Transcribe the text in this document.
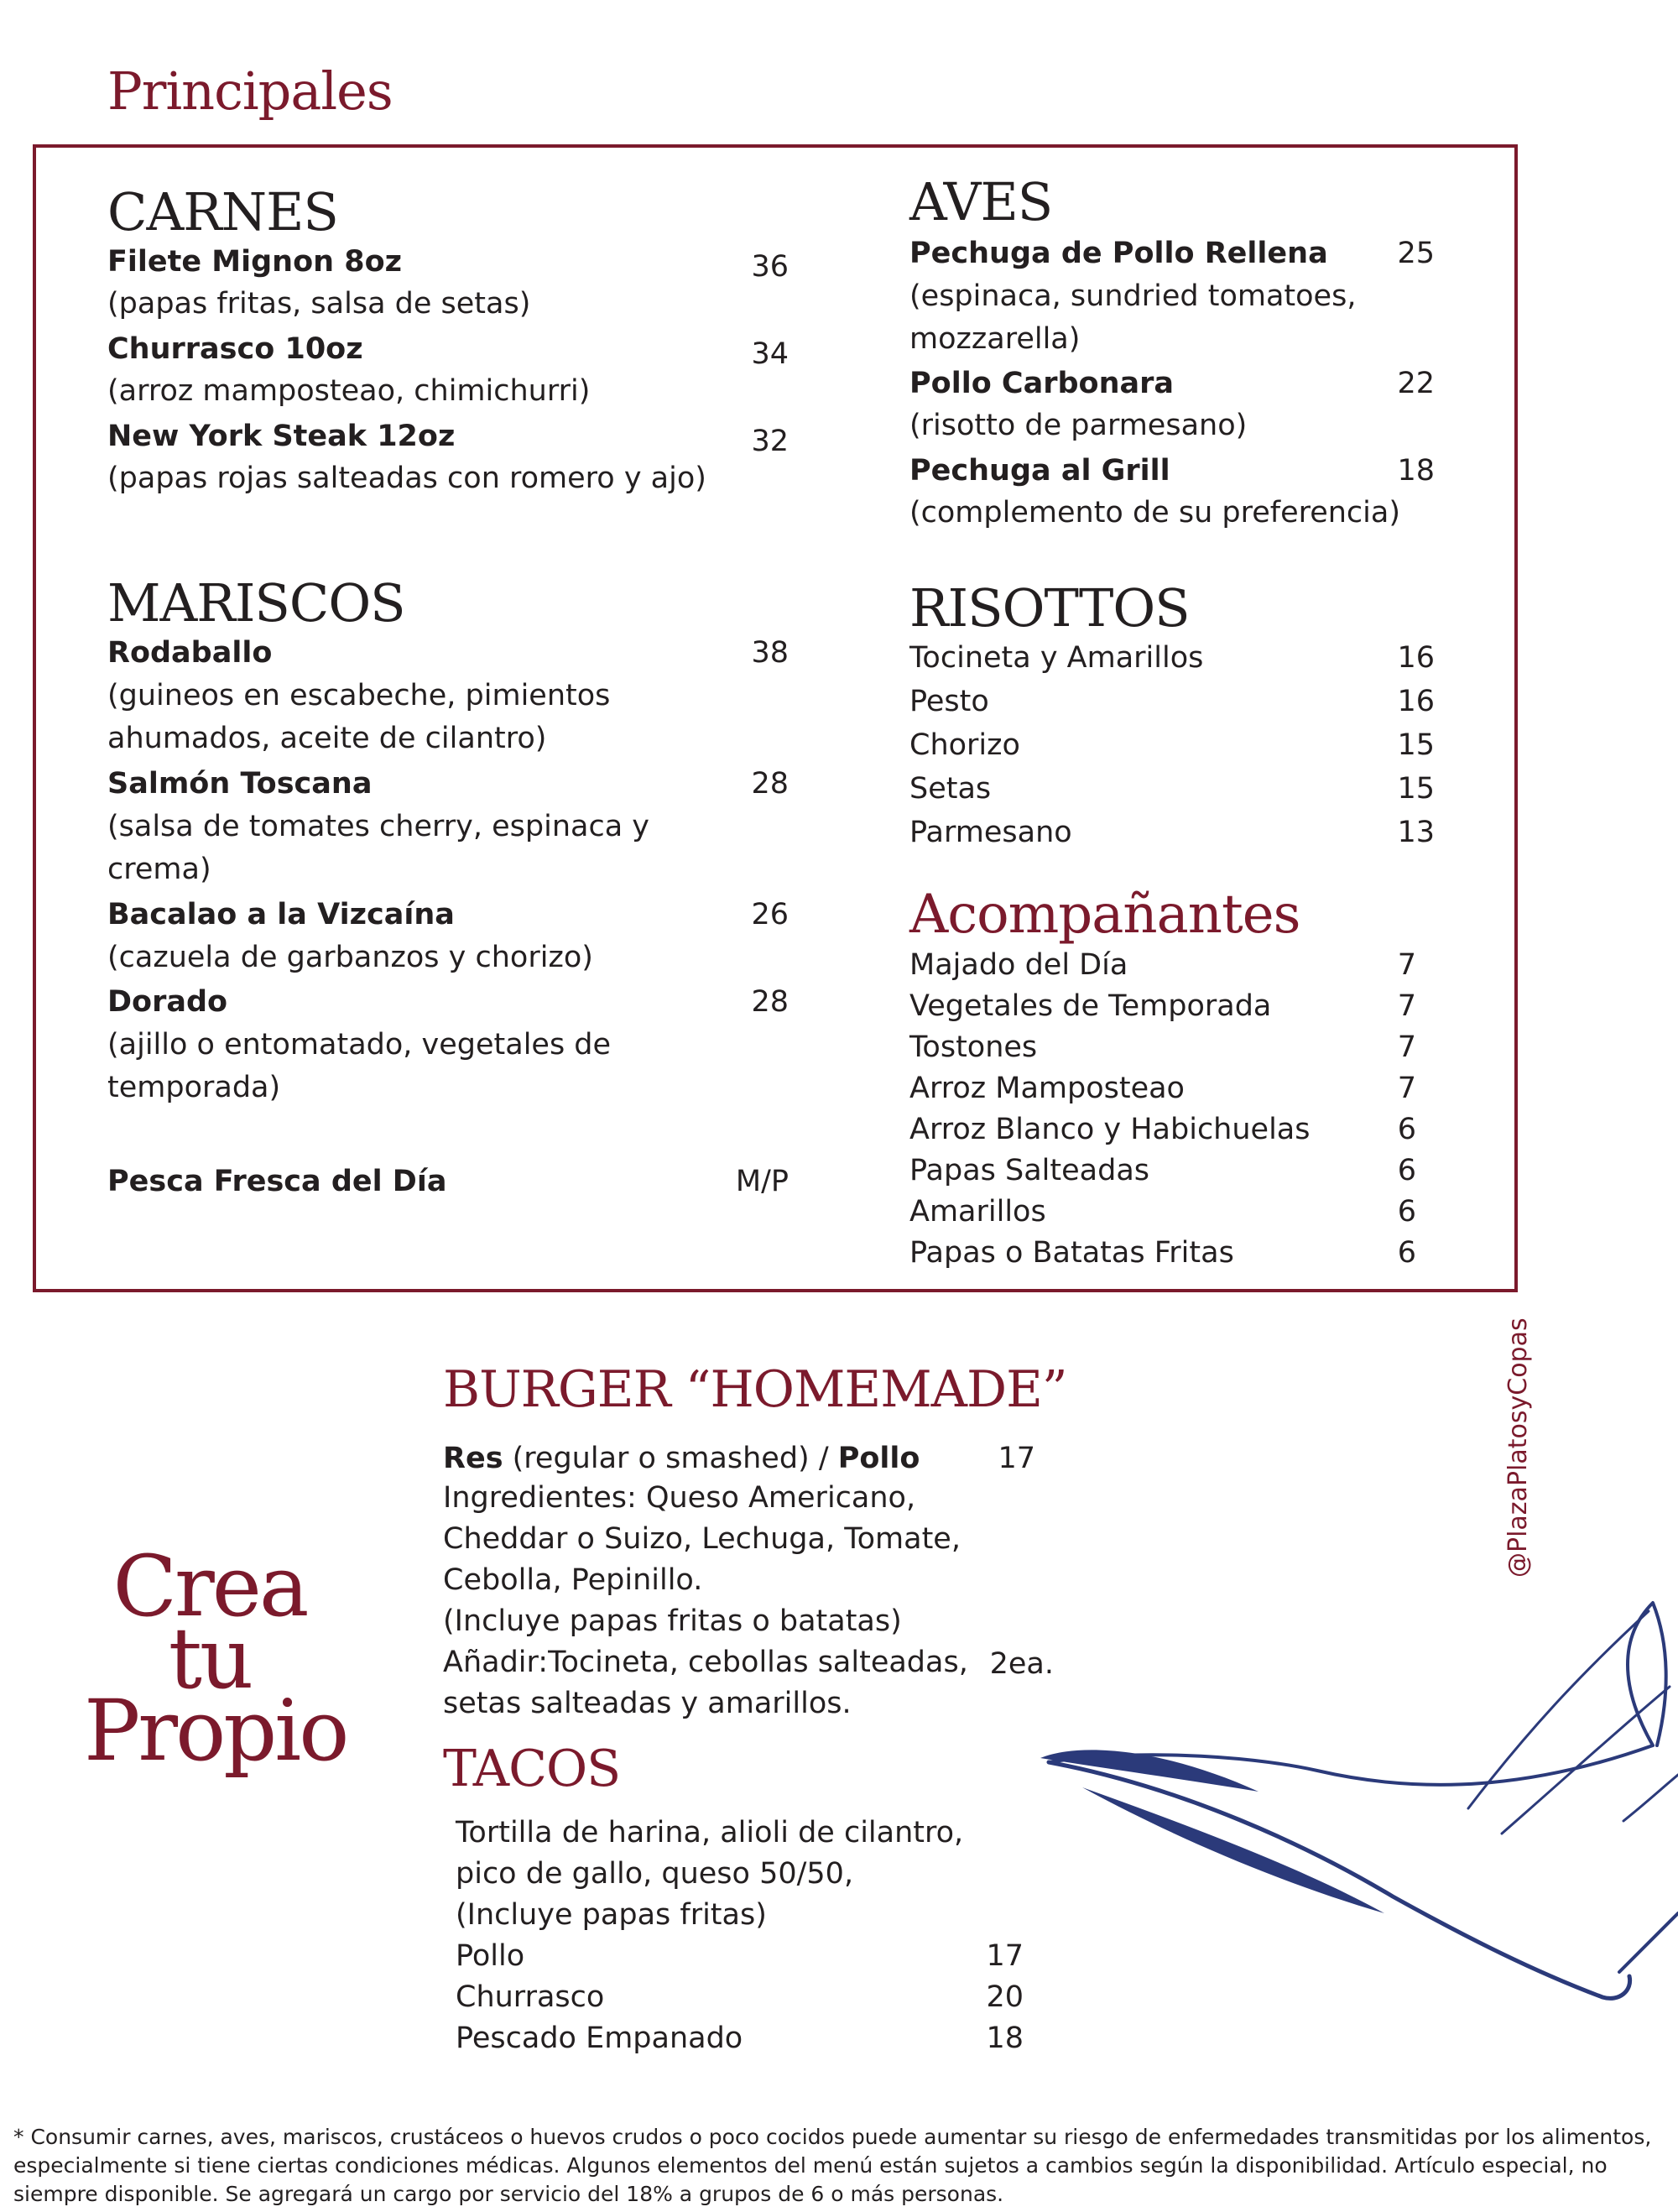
Principales
CARNES
Filete Mignon 8oz	36
(papas fritas, salsa de setas)
Churrasco 10oz	34
(arroz mamposteao, chimichurri)
New York Steak 12oz	32
(papas rojas salteadas con romero y ajo)
MARISCOS
Rodaballo	38
(guineos en escabeche, pimientos ahumados, aceite de cilantro)
Salmón Toscana	28
(salsa de tomates cherry, espinaca y crema)
Bacalao a la Vizcaína	26
(cazuela de garbanzos y chorizo)
Dorado	28
(ajillo o entomatado, vegetales de temporada)
Pesca Fresca del Día	M/P
AVES
Pechuga de Pollo Rellena	25
(espinaca, sundried tomatoes, mozzarella)
Pollo Carbonara	22
(risotto de parmesano)
Pechuga al Grill	18
(complemento de su preferencia)
RISOTTOS
Tocineta y Amarillos	16
Pesto	16
Chorizo	15
Setas	15
Parmesano	13
Acompañantes
Majado del Día	7
Vegetales de Temporada	7
Tostones	7
Arroz Mamposteao	7
Arroz Blanco y Habichuelas	6
Papas Salteadas	6
Amarillos	6
Papas o Batatas Fritas	6
Crea
tu
Propio
BURGER “HOMEMADE”
Res (regular o smashed) / Pollo	17
Ingredientes: Queso Americano,
Cheddar o Suizo, Lechuga, Tomate,
Cebolla, Pepinillo.
(Incluye papas fritas o batatas)
Añadir:Tocineta, cebollas salteadas,
setas salteadas y amarillos.
2ea.
TACOS
Tortilla de harina, alioli de cilantro,
pico de gallo, queso 50/50,
(Incluye papas fritas)
Pollo	17
Churrasco	20
Pescado Empanado	18
@PlazaPlatosyCopas
* Consumir carnes, aves, mariscos, crustáceos o huevos crudos o poco cocidos puede aumentar su riesgo de enfermedades transmitidas por los alimentos, especialmente si tiene ciertas condiciones médicas. Algunos elementos del menú están sujetos a cambios según la disponibilidad. Artículo especial, no siempre disponible. Se agregará un cargo por servicio del 18% a grupos de 6 o más personas.
